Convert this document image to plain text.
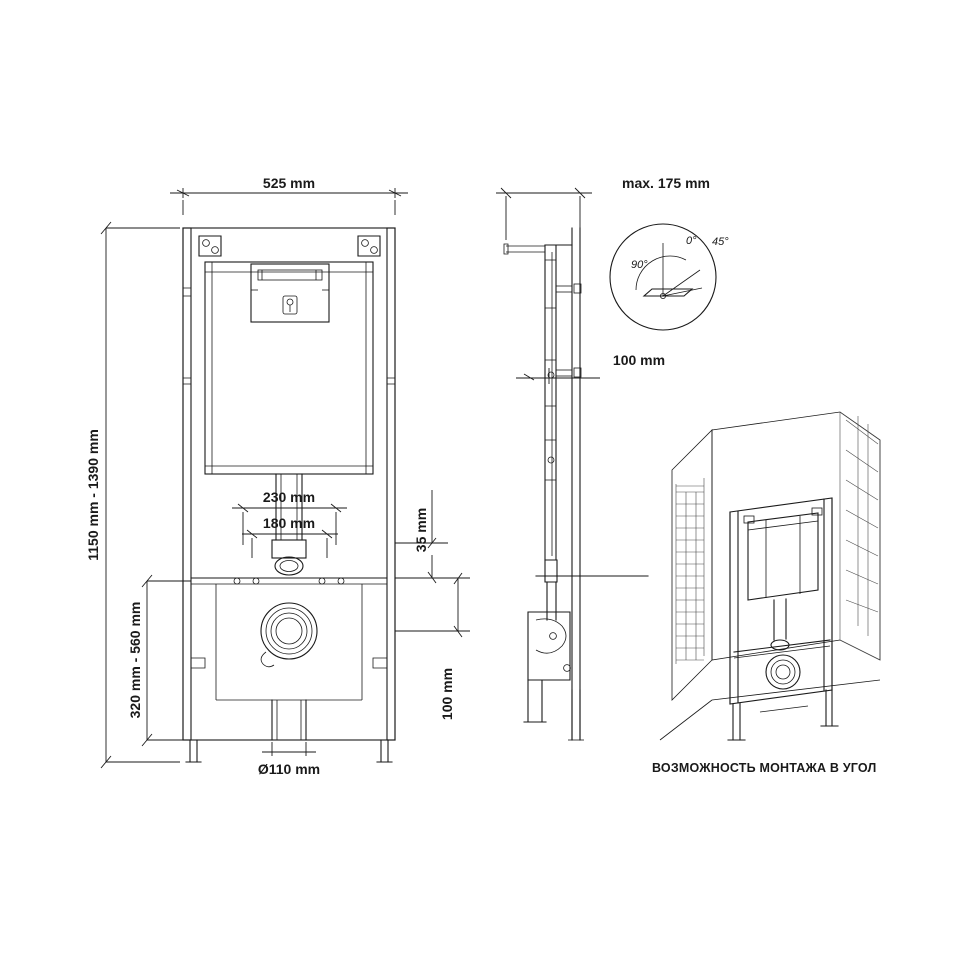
525 mm
1150 mm - 1390 mm
320 mm - 560 mm
230 mm
180 mm	35 mm
100 mm
Ø110 mm
max. 175 mm
100 mm
90°
0° 45°
ВОЗМОЖНОСТЬ МОНТАЖА В УГОЛ
